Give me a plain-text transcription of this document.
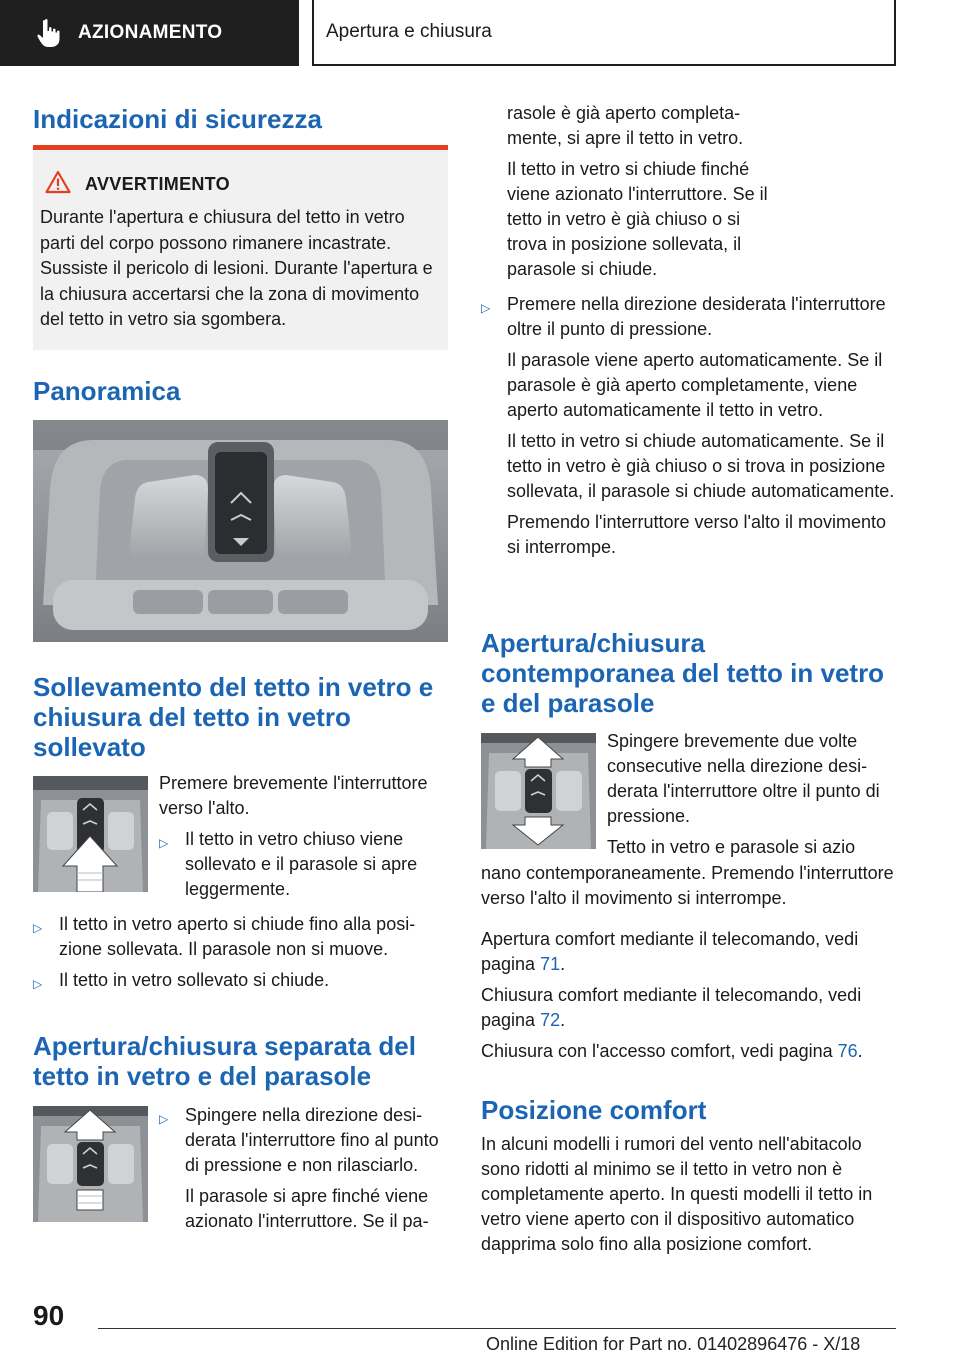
AZIONAMENTO	Apertura e chiusura
Indicazioni di sicurezza
AVVERTIMENTO
Durante l'apertura e chiusura del tetto in vetro parti del corpo possono rimanere incastrate. Sussiste il pericolo di lesioni. Durante l'apertura e la chiusura accertarsi che la zona di movimento del tetto in vetro sia sgombera.
Panoramica
Sollevamento del tetto in vetro e chiusura del tetto in vetro sollevato

Premere brevemente l'interruttore verso l'alto.

▷ Il tetto in vetro chiuso viene sollevato e il parasole si apre leggermente.
▷ Il tetto in vetro aperto si chiude fino alla posizione sollevata. Il parasole non si muove.
▷ Il tetto in vetro sollevato si chiude.
Apertura/chiusura separata del tetto in vetro e del parasole
▷ Spingere nella direzione desiderata l'interruttore fino al punto di pressione e non rilasciarlo.
Il parasole si apre finché viene azionato l'interruttore. Se il pa-
rasole è già aperto completamente, si apre il tetto in vetro.
Il tetto in vetro si chiude finché viene azionato l'interruttore. Se il tetto in vetro è già chiuso o si trova in posizione sollevata, il parasole si chiude.
▷ Premere nella direzione desiderata l'interruttore oltre il punto di pressione.
Il parasole viene aperto automaticamente. Se il parasole è già aperto completamente, viene aperto automaticamente il tetto in vetro.
Il tetto in vetro si chiude automaticamente. Se il tetto in vetro è già chiuso o si trova in posizione sollevata, il parasole si chiude automaticamente.
Premendo l'interruttore verso l'alto il movimento si interrompe.
Apertura/chiusura contemporanea del tetto in vetro e del parasole

Spingere brevemente due volte consecutive nella direzione desiderata l'interruttore oltre il punto di pressione.

Tetto in vetro e parasole si azio

nano contemporaneamente. Premendo l'interruttore verso l'alto il movimento si interrompe.

Apertura comfort mediante il telecomando, vedi pagina 71.

Chiusura comfort mediante il telecomando, vedi pagina 72.

Chiusura con l'accesso comfort, vedi pagina 76.

Posizione comfort

In alcuni modelli i rumori del vento nell'abitacolo sono ridotti al minimo se il tetto in vetro non è completamente aperto. In questi modelli il tetto in vetro viene aperto con il dispositivo automatico dapprima solo fino alla posizione comfort.

90
Online Edition for Part no. 01402896476 - X/18
